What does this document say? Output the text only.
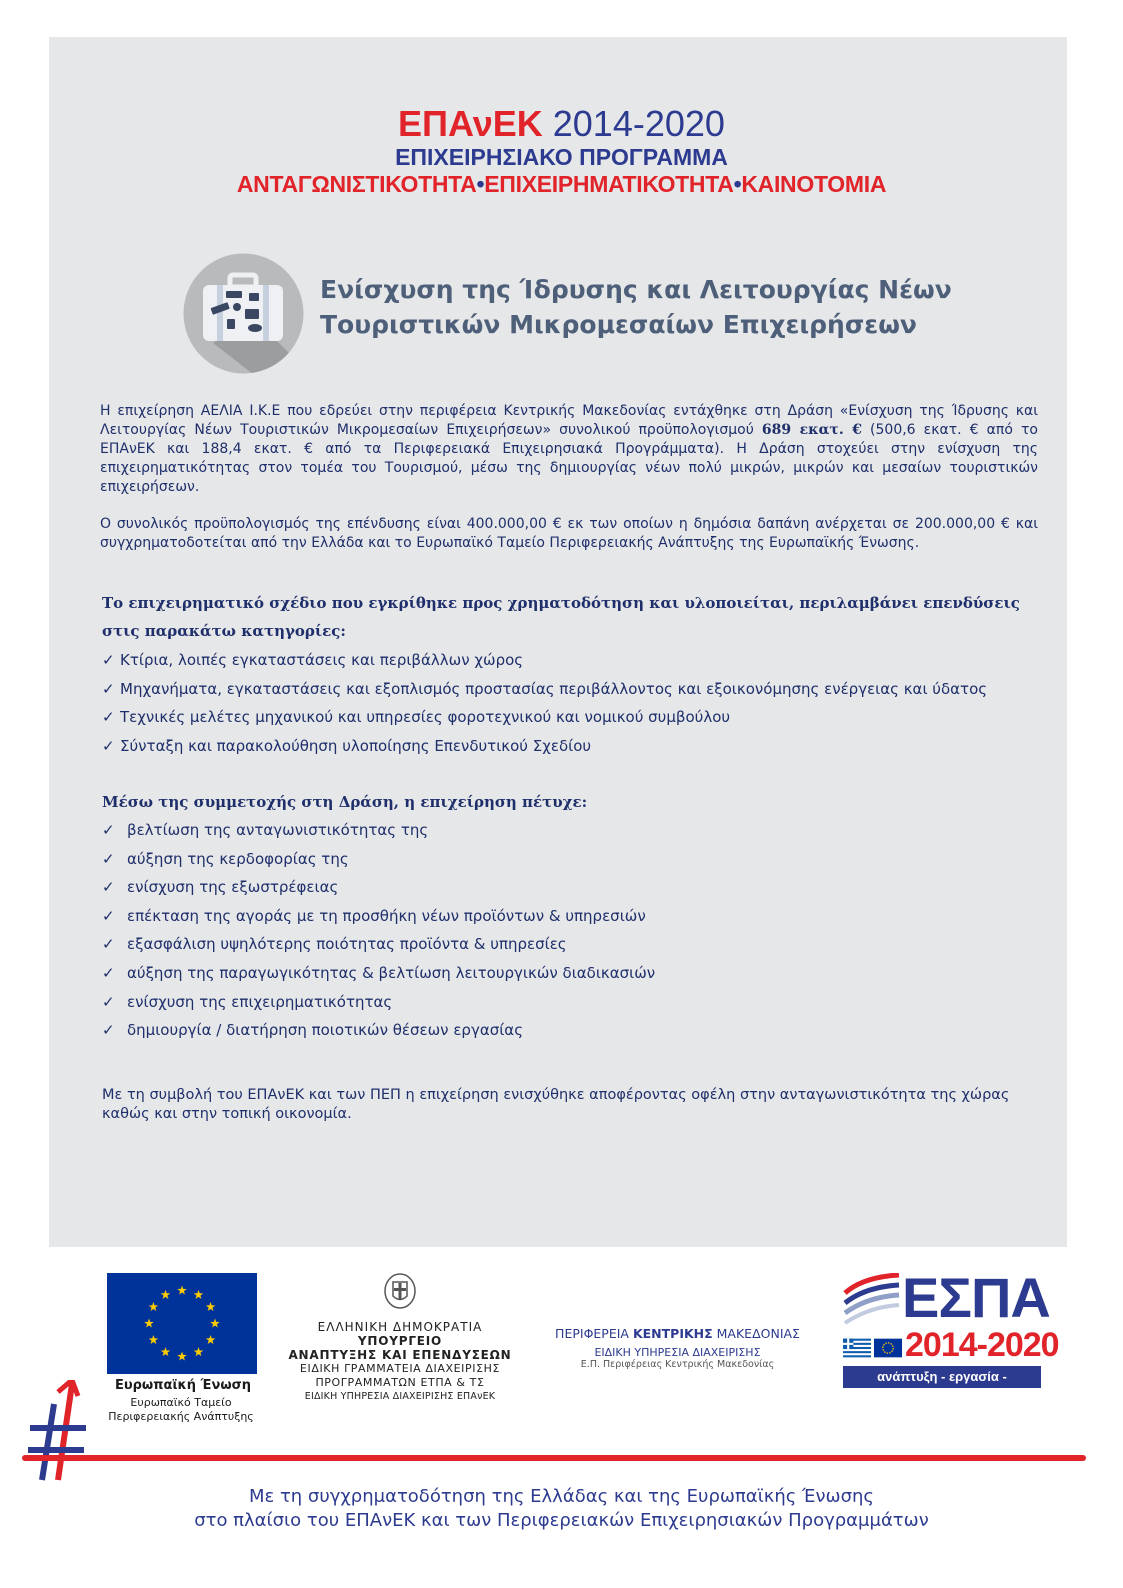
ΕΠΑνΕΚ 2014-2020
ΕΠΙΧΕΙΡΗΣΙΑΚΟ ΠΡΟΓΡΑΜΜΑ
ΑΝΤΑΓΩΝΙΣΤΙΚΟΤΗΤΑ•ΕΠΙΧΕΙΡΗΜΑΤΙΚΟΤΗΤΑ•ΚΑΙΝΟΤΟΜΙΑ
Ενίσχυση της Ίδρυσης και Λειτουργίας Νέων
Τουριστικών Μικρομεσαίων Επιχειρήσεων

Η επιχείρηση ΑΕΛΙΑ Ι.Κ.Ε που εδρεύει στην περιφέρεια Κεντρικής Μακεδονίας εντάχθηκε στη Δράση «Ενίσχυση της Ίδρυσης και Λειτουργίας Νέων Τουριστικών Μικρομεσαίων Επιχειρήσεων» συνολικού προϋπολογισμού 689 εκατ. € (500,6 εκατ. € από το ΕΠΑνΕΚ και 188,4 εκατ. € από τα Περιφερειακά Επιχειρησιακά Προγράμματα). Η Δράση στοχεύει στην ενίσχυση της επιχειρηματικότητας στον τομέα του Τουρισμού, μέσω της δημιουργίας νέων πολύ μικρών, μικρών και μεσαίων τουριστικών επιχειρήσεων.

Ο συνολικός προϋπολογισμός της επένδυσης είναι 400.000,00 € εκ των οποίων η δημόσια δαπάνη ανέρχεται σε 200.000,00 € και συγχρηματοδοτείται από την Ελλάδα και το Ευρωπαϊκό Ταμείο Περιφερειακής Ανάπτυξης της Ευρωπαϊκής Ένωσης.

Το επιχειρηματικό σχέδιο που εγκρίθηκε προς χρηματοδότηση και υλοποιείται, περιλαμβάνει επενδύσεις
στις παρακάτω κατηγορίες:
✓ Κτίρια, λοιπές εγκαταστάσεις και περιβάλλων χώρος
✓ Μηχανήματα, εγκαταστάσεις και εξοπλισμός προστασίας περιβάλλοντος και εξοικονόμησης ενέργειας και ύδατος
✓ Τεχνικές μελέτες μηχανικού και υπηρεσίες φοροτεχνικού και νομικού συμβούλου
✓ Σύνταξη και παρακολούθηση υλοποίησης Επενδυτικού Σχεδίου
Μέσω της συμμετοχής στη Δράση, η επιχείρηση πέτυχε:
✓ βελτίωση της ανταγωνιστικότητας της
✓ αύξηση της κερδοφορίας της
✓ ενίσχυση της εξωστρέφειας
✓ επέκταση της αγοράς με τη προσθήκη νέων προϊόντων & υπηρεσιών
✓ εξασφάλιση υψηλότερης ποιότητας προϊόντα & υπηρεσίες
✓ αύξηση της παραγωγικότητας & βελτίωση λειτουργικών διαδικασιών
✓ ενίσχυση της επιχειρηματικότητας
✓ δημιουργία / διατήρηση ποιοτικών θέσεων εργασίας

Με τη συμβολή του ΕΠΑνΕΚ και των ΠΕΠ η επιχείρηση ενισχύθηκε αποφέροντας οφέλη στην ανταγωνιστικότητα της χώρας καθώς και στην τοπική οικονομία.

Ευρωπαϊκή Ένωση
Ευρωπαϊκό Ταμείο
Περιφερειακής Ανάπτυξης
ΕΛΛΗΝΙΚΗ ΔΗΜΟΚΡΑΤΙΑ
ΥΠΟΥΡΓΕΙΟ
ΑΝΑΠΤΥΞΗΣ ΚΑΙ ΕΠΕΝΔΥΣΕΩΝ
ΕΙΔΙΚΗ ΓΡΑΜΜΑΤΕΙΑ ΔΙΑΧΕΙΡΙΣΗΣ
ΠΡΟΓΡΑΜΜΑΤΩΝ ΕΤΠΑ & ΤΣ
ΕΙΔΙΚΗ ΥΠΗΡΕΣΙΑ ΔΙΑΧΕΙΡΙΣΗΣ ΕΠΑνΕΚ
ΠΕΡΙΦΕΡΕΙΑ ΚΕΝΤΡΙΚΗΣ ΜΑΚΕΔΟΝΙΑΣ
ΕΙΔΙΚΗ ΥΠΗΡΕΣΙΑ ΔΙΑΧΕΙΡΙΣΗΣ
Ε.Π. Περιφέρειας Κεντρικής Μακεδονίας
ΕΣΠΑ
2014-2020
ανάπτυξη - εργασία - αλληλεγγύη
Με τη συγχρηματοδότηση της Ελλάδας και της Ευρωπαϊκής Ένωσης
στο πλαίσιο του ΕΠΑνΕΚ και των Περιφερειακών Επιχειρησιακών Προγραμμάτων
